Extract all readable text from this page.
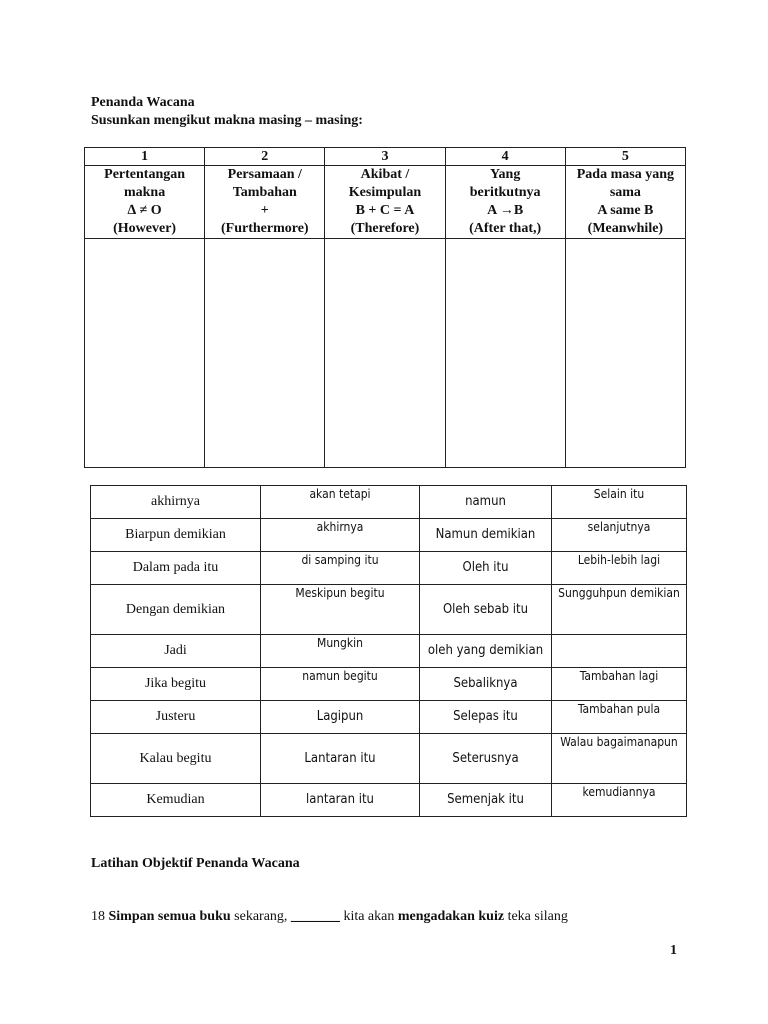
Penanda Wacana
Susunkan mengikut makna masing – masing:
1	2	3	4	5

Pertentangan
makna
∆ ≠ O
(However)	Persamaan /
Tambahan
+
(Furthermore)	Akibat /
Kesimpulan
B + C = A
(Therefore)	Yang
beritkutnya
A →B
(After that,)	Pada masa yang
sama
A same B
(Meanwhile)

akhirnya	akan tetapi	namun	Selain itu
Biarpun demikian	akhirnya	Namun demikian	selanjutnya
Dalam pada itu	di samping itu	Oleh itu	Lebih-lebih lagi
Dengan demikian	Meskipun begitu	Oleh sebab itu	Sungguhpun demikian
Jadi	Mungkin	oleh yang demikian	
Jika begitu	namun begitu	Sebaliknya	Tambahan lagi
Justeru	Lagipun	Selepas itu	Tambahan pula
Kalau begitu	Lantaran itu	Seterusnya	Walau bagaimanapun
Kemudian	lantaran itu	Semenjak itu	kemudiannya
Latihan Objektif Penanda Wacana
18 Simpan semua buku sekarang, _______ kita akan mengadakan kuiz teka silang
1
